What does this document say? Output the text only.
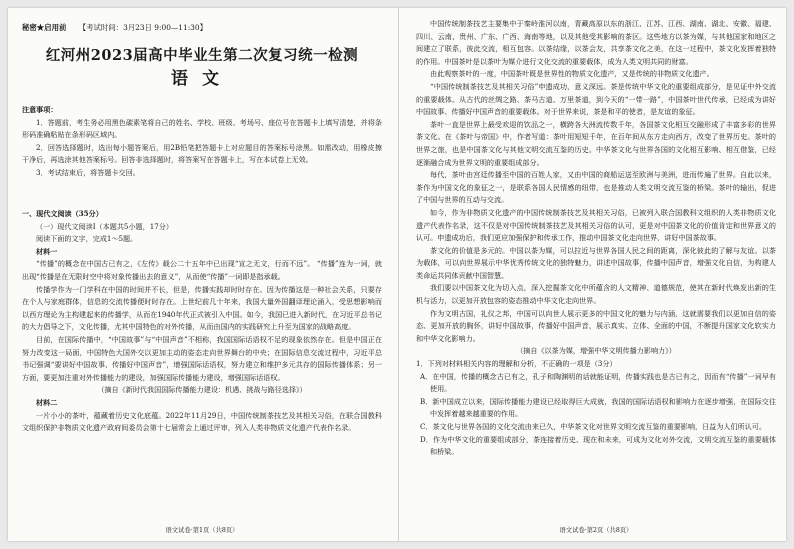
秘密★启用前 【考试时间：3月23日 9:00—11:30】
红河州2023届高中毕业生第二次复习统一检测
语文

注意事项：

1．答题前，考生务必用黑色碳素笔将自己的姓名、学校、班级、考场号、座位号在答题卡上填写清楚，并将条形码准确粘贴在条形码区域内。

2．回答选择题时，选出每小题答案后，用2B铅笔把答题卡上对应题目的答案标号涂黑。如需改动，用橡皮擦干净后，再选涂其他答案标号。回答非选择题时，将答案写在答题卡上，写在本试卷上无效。

3．考试结束后，将答题卡交回。

一、现代文阅读（35分）

（一）现代文阅读Ⅰ（本题共5小题，17分）

阅读下面的文字，完成1～5题。

材料一

“传播”的概念在中国古已有之，《左传》载公二十五年中已出现“宣之无文，行而不远”。 “传播”连为一词，就出现“传播是在无限时空中将对象传播出去的意义”，从而使“传播”一词即是指承载。

传播学作为一门学科在中国的时间并不长，但是，传播实践却时时存在。因为传播这是一种社会关系，只要存在个人与家庭群体，信息的交流传播便时时存在。上世纪前几十年来，我国大量外国翻译理论涌入，受思想影响而以西方理论为主构建起来的传播学，从而在1940年代正式被引入中国。如今，我国已进入新时代，在习近平总书记的大力倡导之下，文化传播，尤其中国特色的对外传播，从而由国内的实践研究上升至为国家的战略高度。

目前，在国际传播中，“中国故事”与“中国声音”不相称，我国国际话语权不足的现象依然存在。但是中国正在努力改变这一局面，中国特色大国外交以更加主动的姿态走向世界舞台的中央；在国际信息交流过程中，习近平总书记强调“要讲好中国故事、传播好中国声音”，增强国际话语权，努力建立和维护多元共存的国际传播体系；另一方面，要更加注重对外传播能力的建设，加强国际传播能力建设，增强国际话语权。

（摘自《新时代我国国际传播能力建设：机遇、挑战与路径选择》）

材料二

一片小小的茶叶，蕴藏着历史文化底蕴。2022年11月29日，中国传统制茶技艺及其相关习俗，在联合国教科文组织保护非物质文化遗产政府间委员会第十七届常会上通过评审，列入人类非物质文化遗产代表作名录。

语文试卷·第1页（共8页）

中国传统制茶技艺主要集中于秦岭淮河以南，青藏高原以东的浙江、江苏、江西、湖南、湖北、安徽、福建、四川、云南、贵州、广东、广西、海南等地，以及其他受其影响的茶区。这些地方以茶为媒，与其他国家和地区之间建立了联系，彼此交流，相互包容。以茶结缘，以茶会友，共享茶文化之美，在这一过程中，茶文化发挥着独特的作用。中国茶叶是以茶叶为媒介进行文化交流的重要载体，成为人类文明共同的财富。

由此观察茶叶的一度，中国茶叶既是世界性的物质文化遗产，又是传统的非物质文化遗产。

“中国传统制茶技艺及其相关习俗”申遗成功，意义深远。茶是传统中华文化的重要组成部分，是见证中外交流的重要载体。从古代的丝绸之路、茶马古道、万里茶道，到今天的“一带一路”，中国茶叶世代传承，已经成为讲好中国故事、传播好中国声音的重要载体。对于世界来说，茶是和平的使者，是友谊的象征。

茶叶一直是世界上最受欢迎的饮品之一，横跨各大洲流传数千年，各国茶文化相互交融形成了丰富多彩的世界茶文化。在《茶叶与帝国》中，作者写道：茶叶用短短千年，在百年间从东方走向西方，改变了世界历史。茶叶的世界之旅，也是中国茶文化与其他文明交流互鉴的历史。中华茶文化与世界各国的文化相互影响、相互借鉴，已经逐渐融合成为世界文明的重要组成部分。

每代，茶叶由宫廷传播至中国的百姓人家，又由中国的商船运送至欧洲与美洲，进而传遍了世界。自此以来，茶作为中国文化的象征之一，是联系各国人民情感的纽带，也是推动人类文明交流互鉴的桥梁。茶叶的输出，促进了中国与世界的互动与交流。

如今，作为非物质文化遗产的中国传统制茶技艺及其相关习俗，已被列入联合国教科文组织的人类非物质文化遗产代表作名录，这不仅是对中国传统制茶技艺及其相关习俗的认可，更是对中国茶文化的价值肯定和世界意义的认可。申遗成功后，我们更应加强保护和传承工作，推动中国茶文化走向世界，讲好中国茶故事。

茶文化的价值是多元的。中国以茶为媒，可以拉近与世界各国人民之间的距离，深化彼此的了解与友谊。以茶为载体，可以向世界展示中华优秀传统文化的独特魅力，讲述中国故事，传播中国声音，增强文化自信，为构建人类命运共同体贡献中国智慧。

我们要以中国茶文化为切入点，深入挖掘茶文化中所蕴含的人文精神、道德规范，使其在新时代焕发出新的生机与活力，以更加开放包容的姿态推动中华文化走向世界。

作为文明古国，礼仪之邦，中国可以向世人展示更多的中国文化的魅力与内涵，这就需要我们以更加自信的姿态、更加开放的胸怀，讲好中国故事，传播好中国声音，展示真实、立体、全面的中国，不断提升国家文化软实力和中华文化影响力。

（摘自《以茶为媒，增强中华文明传播力影响力》）

1．下列对材料相关内容的理解和分析，不正确的一项是（3分）

A．在中国，传播的概念古已有之，孔子和陶渊明的话就能证明，传播实践也是古已有之，因而有“传播”一词早有使用。

B．新中国成立以来，国际传播能力建设已经取得巨大成就，我国的国际话语权和影响力在逐步增强，在国际交往中发挥着越来越重要的作用。

C．茶文化与世界各国的文化交流由来已久，中华茶文化对世界文明交流互鉴的重要影响，日益为人们所认可。

D．作为中华文化的重要组成部分，茶连接着历史、现在和未来，可成为文化对外交流，文明交流互鉴的重要载体和桥梁。

语文试卷·第2页（共8页）
